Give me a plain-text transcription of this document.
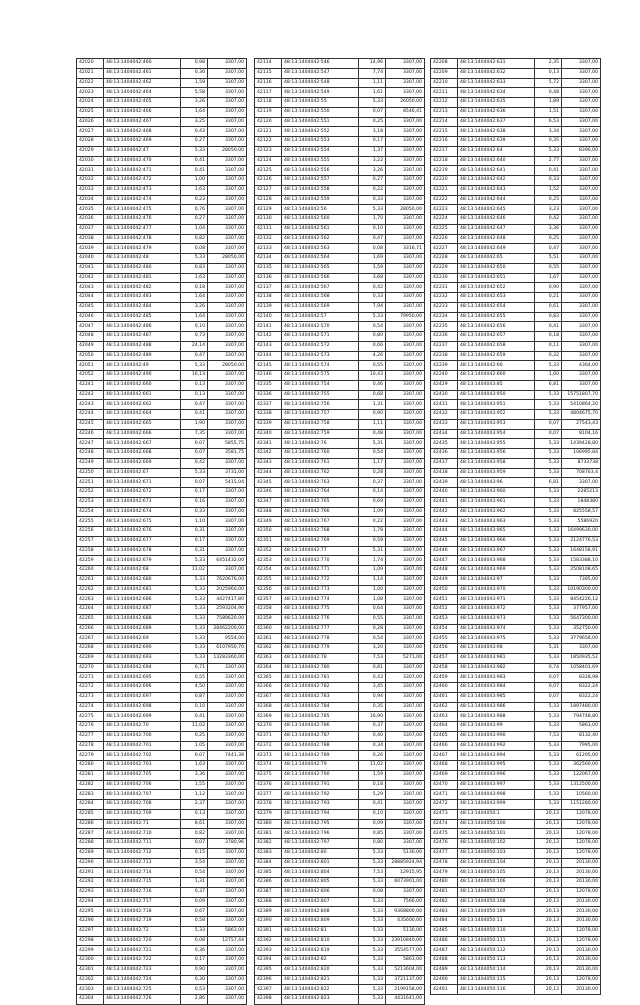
42020	48:13:1404042:460	0,98	3307,00
42021	48:13:1404042:461	0,30	3307,00
42022	48:13:1404042:462	1,59	3307,00
42023	48:13:1404042:464	5,58	3307,00
42024	48:13:1404042:465	3,26	3307,00
42025	48:13:1404042:466	1,64	3307,00
42026	48:13:1404042:467	3,25	3307,00
42027	48:13:1404042:468	0,43	3307,00
42028	48:13:1404042:469	0,27	3307,00
42029	48:13:1404042:47	5,33	28050,00
42030	48:13:1404042:470	0,41	3307,00
42031	48:13:1404042:471	0,41	3307,00
42032	48:13:1404042:472	1,00	3307,00
42033	48:13:1404042:473	1,63	3307,00
42034	48:13:1404042:474	0,23	3307,00
42035	48:13:1404042:475	0,76	3307,00
42036	48:13:1404042:476	0,27	3307,00
42037	48:13:1404042:477	1,04	3307,00
42038	48:13:1404042:478	0,82	3307,00
42039	48:13:1404042:479	0,08	3307,00
42040	48:13:1404042:48	5,33	28050,00
42041	48:13:1404042:480	0,83	3307,00
42042	48:13:1404042:481	1,63	3307,00
42043	48:13:1404042:482	0,18	3307,00
42044	48:13:1404042:483	1,64	3307,00
42045	48:13:1404042:484	3,26	3307,00
42046	48:13:1404042:485	1,64	3307,00
42047	48:13:1404042:486	0,10	3307,00
42048	48:13:1404042:487	0,73	3307,00
42049	48:13:1404042:488	24,14	3307,00
42050	48:13:1404042:489	0,47	3307,00
42051	48:13:1404042:49	5,33	28050,00
42052	48:13:1404042:490	16,13	3307,00
42241	48:13:1404042:660	0,13	3307,00
42242	48:13:1404042:661	0,13	3307,00
42243	48:13:1404042:662	0,47	3307,00
42244	48:13:1404042:664	0,41	3307,00
42245	48:13:1404042:665	1,90	3307,00
42246	48:13:1404042:666	7,35	3307,00
42247	48:13:1404042:667	0,07	5855,75
42248	48:13:1404042:668	0,07	3581,75
42249	48:13:1404042:669	0,42	3307,00
42250	48:13:1404042:67	5,33	3731,00
42251	48:13:1404042:671	0,07	5415,04
42252	48:13:1404042:672	0,17	3307,00
42253	48:13:1404042:673	0,16	3307,00
42254	48:13:1404042:674	0,33	3307,00
42255	48:13:1404042:675	1,10	3307,00
42256	48:13:1404042:676	0,31	3307,00
42257	48:13:1404042:677	0,17	3307,00
42258	48:13:1404042:678	0,31	3307,00
42259	48:13:1404042:679	5,33	6451432,00
42260	48:13:1404042:68	11,02	3307,00
42261	48:13:1404042:680	5,33	7620676,00
42262	48:13:1404042:681	5,33	2025960,00
42263	48:13:1404042:686	5,33	4427417,80
42264	48:13:1404042:687	5,33	2593204,90
42265	48:13:1404042:688	5,33	7589620,00
42266	48:13:1404042:689	5,33	28462200,00
42267	48:13:1404042:69	5,33	9554,00
42268	48:13:1404042:690	5,33	6107950,70
42269	48:13:1404042:693	5,33	13283360,00
42270	48:13:1404042:694	6,71	3307,00
42271	48:13:1404042:695	0,55	3307,00
42272	48:13:1404042:696	4,50	3307,00
42273	48:13:1404042:697	0,87	3307,00
42274	48:13:1404042:698	0,10	3307,00
42275	48:13:1404042:699	0,41	3307,00
42276	48:13:1404042:70	11,02	3307,00
42277	48:13:1404042:700	0,25	3307,00
42278	48:13:1404042:701	1,05	3307,00
42279	48:13:1404042:702	0,07	7441,38
42280	48:13:1404042:703	1,63	3307,00
42281	48:13:1404042:705	3,36	3307,00
42282	48:13:1404042:706	1,55	3307,00
42283	48:13:1404042:707	1,12	3307,00
42284	48:13:1404042:708	2,37	3307,00
42285	48:13:1404042:709	0,13	3307,00
42286	48:13:1404042:71	8,61	3307,00
42287	48:13:1404042:710	0,82	3307,00
42288	48:13:1404042:711	0,07	3780,96
42289	48:13:1404042:712	0,15	3307,00
42290	48:13:1404042:713	3,54	3307,00
42291	48:13:1404042:714	0,54	3307,00
42292	48:13:1404042:715	1,31	3307,00
42293	48:13:1404042:716	0,37	3307,00
42294	48:13:1404042:717	0,09	3307,00
42295	48:13:1404042:718	0,67	3307,00
42296	48:13:1404042:719	0,58	3307,00
42297	48:13:1404042:72	5,33	5863,00
42298	48:13:1404042:720	0,08	12757,44
42299	48:13:1404042:721	0,36	3307,00
42300	48:13:1404042:722	0,17	3307,00
42301	48:13:1404042:723	0,90	3307,00
42302	48:13:1404042:724	0,30	3307,00
42303	48:13:1404042:725	0,53	3307,00
42304	48:13:1404042:726	2,86	3307,00
42114	48:13:1404042:546	14,96	3307,00
42115	48:13:1404042:547	7,74	3307,00
42116	48:13:1404042:548	1,11	3307,00
42117	48:13:1404042:549	1,61	3307,00
42118	48:13:1404042:55	5,33	26050,00
42119	48:13:1404042:550	0,07	8546,41
42120	48:13:1404042:551	0,25	3307,00
42121	48:13:1404042:552	3,18	3307,00
42122	48:13:1404042:553	0,17	3307,00
42123	48:13:1404042:554	1,37	3307,00
42124	48:13:1404042:555	3,22	3307,00
42125	48:13:1404042:556	3,26	3307,00
42126	48:13:1404042:557	0,27	3307,00
42127	48:13:1404042:558	0,22	3307,00
42128	48:13:1404042:559	0,33	3307,00
42129	48:13:1404042:56	5,33	28050,00
42130	48:13:1404042:560	1,70	3307,00
42131	48:13:1404042:561	0,10	3307,00
42132	48:13:1404042:562	0,47	3307,00
42133	48:13:1404042:563	0,08	3316,71
42134	48:13:1404042:564	1,69	3307,00
42135	48:13:1404042:565	1,59	3307,00
42136	48:13:1404042:566	3,68	3307,00
42137	48:13:1404042:567	0,42	3307,00
42138	48:13:1404042:568	0,33	3307,00
42139	48:13:1404042:569	7,94	3307,00
42140	48:13:1404042:57	5,33	79950,00
42141	48:13:1404042:570	0,54	3307,00
42142	48:13:1404042:571	0,80	3307,00
42143	48:13:1404042:572	0,66	3307,00
42144	48:13:1404042:573	4,26	3307,00
42145	48:13:1404042:574	0,55	3307,00
42146	48:13:1404042:575	10,43	3307,00
42335	48:13:1404042:754	0,46	3307,00
42336	48:13:1404042:755	0,68	3307,00
42337	48:13:1404042:756	1,31	3307,00
42338	48:13:1404042:757	0,90	3307,00
42339	48:13:1404042:758	1,11	3307,00
42340	48:13:1404042:759	0,48	3307,00
42341	48:13:1404042:76	5,31	3307,00
42342	48:13:1404042:760	0,54	3307,00
42343	48:13:1404042:761	1,17	3307,00
42344	48:13:1404042:762	0,28	3307,00
42345	48:13:1404042:763	0,37	3307,00
42346	48:13:1404042:764	0,14	3307,00
42347	48:13:1404042:765	0,69	3307,00
42348	48:13:1404042:766	1,09	3307,00
42349	48:13:1404042:767	0,22	3307,00
42350	48:13:1404042:768	1,78	3307,00
42351	48:13:1404042:769	0,59	3307,00
42352	48:13:1404042:77	5,31	3307,00
42353	48:13:1404042:770	1,74	3307,00
42354	48:13:1404042:771	1,09	3307,00
42355	48:13:1404042:772	1,14	3307,00
42356	48:13:1404042:773	1,00	3307,00
42357	48:13:1404042:774	1,08	3307,00
42358	48:13:1404042:775	0,64	3307,00
42359	48:13:1404042:776	0,55	3307,00
42360	48:13:1404042:777	0,28	3307,00
42361	48:13:1404042:778	0,54	3307,00
42362	48:13:1404042:779	3,20	3307,00
42363	48:13:1404042:78	7,53	5271,00
42364	48:13:1404042:780	0,81	3307,00
42365	48:13:1404042:781	0,43	3307,00
42366	48:13:1404042:782	3,45	3307,00
42367	48:13:1404042:783	0,94	3307,00
42368	48:13:1404042:784	0,35	3307,00
42369	48:13:1404042:785	16,90	3307,00
42370	48:13:1404042:786	0,37	3307,00
42371	48:13:1404042:787	0,40	3307,00
42372	48:13:1404042:788	0,34	3307,00
42373	48:13:1404042:789	0,26	3307,00
42374	48:13:1404042:79	11,02	3307,00
42375	48:13:1404042:790	1,59	3307,00
42376	48:13:1404042:791	0,18	3307,00
42377	48:13:1404042:792	5,29	3307,00
42378	48:13:1404042:793	0,41	3307,00
42379	48:13:1404042:794	0,10	3307,00
42380	48:13:1404042:795	0,09	3307,00
42381	48:13:1404042:796	0,85	3307,00
42382	48:13:1404042:797	0,80	3307,00
42383	48:13:1404042:80	5,33	5130,00
42384	48:13:1404042:801	5,33	28885924,94
42385	48:13:1404042:804	7,53	12915,95
42386	48:13:1404042:805	5,33	6073901,00
42387	48:13:1404042:806	0,08	3307,00
42388	48:13:1404042:807	5,33	7566,00
42389	48:13:1404042:808	5,33	9368800,00
42390	48:13:1404042:809	5,33	435600,00
42391	48:13:1404042:81	5,33	5130,00
42392	48:13:1404042:810	5,33	23910840,00
42393	48:13:1404042:819	5,33	3554577,00
42394	48:13:1404042:82	5,33	5863,00
42395	48:13:1404042:820	5,33	5213604,00
42396	48:13:1404042:821	5,33	3721137,00
42397	48:13:1404042:822	5,33	2199158,00
42398	48:13:1404042:823	5,33	4431641,00
42208	48:13:1404042:631	2,35	3307,00
42209	48:13:1404042:632	0,13	3307,00
42210	48:13:1404042:633	5,72	3307,00
42211	48:13:1404042:634	0,48	3307,00
42212	48:13:1404042:635	1,89	3307,00
42213	48:13:1404042:636	1,51	3307,00
42214	48:13:1404042:637	6,53	3307,00
42215	48:13:1404042:638	3,34	3307,00
42216	48:13:1404042:639	0,35	3307,00
42217	48:13:1404042:64	5,33	8396,00
42218	48:13:1404042:640	2,77	3307,00
42219	48:13:1404042:641	0,41	3307,00
42220	48:13:1404042:642	0,33	3307,00
42221	48:13:1404042:643	1,52	3307,00
42222	48:13:1404042:644	0,25	3307,00
42223	48:13:1404042:645	3,23	3307,00
42224	48:13:1404042:646	0,42	3307,00
42225	48:13:1404042:647	3,36	3307,00
42226	48:13:1404042:648	0,25	3307,00
42227	48:13:1404042:649	0,47	3307,00
42228	48:13:1404042:65	5,51	3307,00
42229	48:13:1404042:650	0,55	3307,00
42230	48:13:1404042:651	1,67	3307,00
42231	48:13:1404042:652	0,90	3307,00
42232	48:13:1404042:653	0,21	3307,00
42233	48:13:1404042:654	0,61	3307,00
42234	48:13:1404042:655	0,83	3307,00
42235	48:13:1404042:656	0,41	3307,00
42236	48:13:1404042:657	0,18	3307,00
42237	48:13:1404042:658	0,11	3307,00
42238	48:13:1404042:659	0,32	3307,00
42239	48:13:1404042:66	5,33	4364,00
42240	48:13:1404042:660	1,60	3307,00
42429	48:13:1404043:85	6,81	3307,00
42430	48:13:1404043:950	5,33	15751807,70
42431	48:13:1404043:951	5,33	5410864,20
42432	48:13:1404043:952	5,33	4804675,70
42433	48:13:1404043:953	0,07	27543,43
42434	48:13:1404043:954	0,07	8104,16
42435	48:13:1404043:955	5,33	1439428,80
42436	48:13:1404043:956	5,33	106995,84
42437	48:13:1404043:958	5,33	8733738
42438	48:13:1404043:959	5,33	708763,4
42439	48:13:1404043:96	6,81	3307,00
42440	48:13:1404043:960	5,33	2285213
42441	48:13:1404043:961	5,33	1848380
42442	48:13:1404043:962	5,33	825558,57
42443	48:13:1404043:963	5,33	5586920
42444	48:13:1404043:965	5,33	16499630,00
42445	48:13:1404043:966	5,33	2124776,53
42446	48:13:1404043:967	5,33	1648158,91
42447	48:13:1404043:968	5,33	1583388,10
42448	48:13:1404043:969	5,33	2508108,65
42449	48:13:1404043:97	5,33	7395,00
42450	48:13:1404043:970	5,33	10190300,00
42451	48:13:1404043:971	5,33	8454226,12
42452	48:13:1404043:972	5,33	377957,00
42453	48:13:1404043:973	5,33	5647300,00
42454	48:13:1404043:974	5,33	352750,00
42455	48:13:1404043:975	5,33	3779658,00
42456	48:13:1404043:98	5,31	3307,00
42457	48:13:1404043:981	5,33	1850935,52
42458	48:13:1404043:982	0,74	1058401,69
42459	48:13:1404043:983	0,07	8328,98
42460	48:13:1404043:984	0,07	8322,24
42461	48:13:1404043:985	0,07	8322,24
42462	48:13:1404043:986	5,33	1897480,00
42463	48:13:1404043:988	5,33	794748,80
42464	48:13:1404043:99	5,33	5863,00
42465	48:13:1404043:990	7,53	8132,40
42466	48:13:1404043:992	5,33	7995,00
42467	48:13:1404043:994	5,33	61295,00
42468	48:13:1404043:995	5,33	362560,00
42469	48:13:1404043:996	5,33	122067,00
42470	48:13:1404043:997	5,33	1312500,00
42471	48:13:1404043:998	5,33	10560,00
42472	48:13:1404043:999	5,33	1151280,00
42473	48:13:1404050:1	20,13	12078,00
42474	48:13:1404050:100	20,13	12078,00
42475	48:13:1404050:101	20,13	12078,00
42476	48:13:1404050:102	20,13	12078,00
42477	48:13:1404050:103	20,13	12078,00
42478	48:13:1404050:104	20,13	20130,00
42479	48:13:1404050:105	20,13	20130,00
42480	48:13:1404050:106	20,13	20130,00
42481	48:13:1404050:107	20,13	12078,00
42482	48:13:1404050:108	20,13	20130,00
42483	48:13:1404050:109	20,13	20130,00
42484	48:13:1404050:11	20,13	20130,00
42485	48:13:1404050:110	20,13	12078,00
42486	48:13:1404050:111	20,13	12078,00
42487	48:13:1404050:112	20,13	20130,00
42488	48:13:1404050:113	20,13	20130,00
42489	48:13:1404050:114	20,13	20130,00
42490	48:13:1404050:115	20,13	12078,00
42491	48:13:1404050:116	20,13	20130,00
